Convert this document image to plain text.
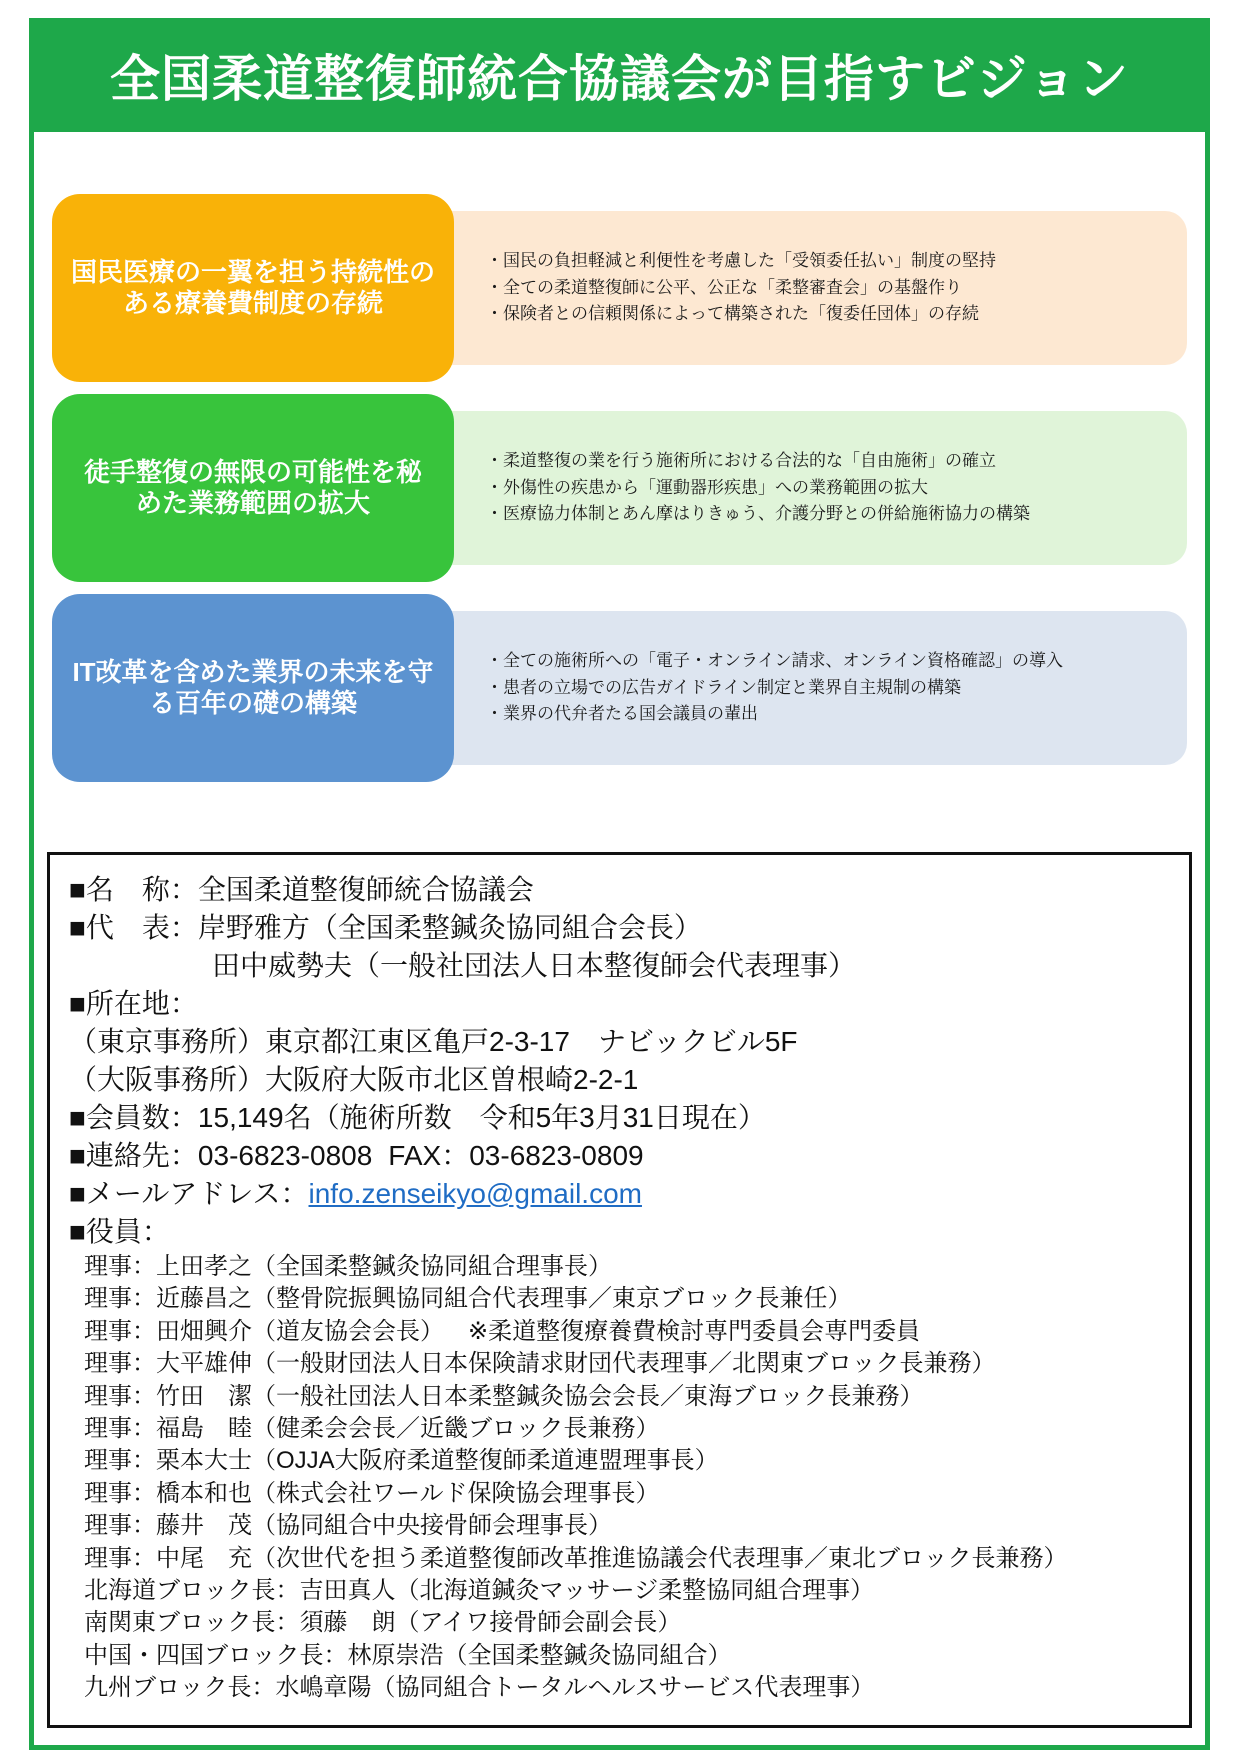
全国柔道整復師統合協議会が目指すビジョン
国民医療の一翼を担う持続性の
ある療養費制度の存続
・国民の負担軽減と利便性を考慮した「受領委任払い」制度の堅持
・全ての柔道整復師に公平、公正な「柔整審査会」の基盤作り
・保険者との信頼関係によって構築された「復委任団体」の存続
徒手整復の無限の可能性を秘
めた業務範囲の拡大
・柔道整復の業を行う施術所における合法的な「自由施術」の確立
・外傷性の疾患から「運動器形疾患」への業務範囲の拡大
・医療協力体制とあん摩はりきゅう、介護分野との併給施術協力の構築
IT改革を含めた業界の未来を守
る百年の礎の構築
・全ての施術所への「電子・オンライン請求、オンライン資格確認」の導入
・患者の立場での広告ガイドライン制定と業界自主規制の構築
・業界の代弁者たる国会議員の輩出
■名　称：全国柔道整復師統合協議会
■代　表：岸野雅方（全国柔整鍼灸協同組合会長）
田中威勢夫（一般社団法人日本整復師会代表理事）
■所在地：
（東京事務所）東京都江東区亀戸2-3-17　ナビックビル5F
（大阪事務所）大阪府大阪市北区曽根崎2-2-1
■会員数：15,149名（施術所数　令和5年3月31日現在）
■連絡先：03-6823-0808 FAX：03-6823-0809
■メールアドレス：info.zenseikyo@gmail.com
■役員：
理事：上田孝之（全国柔整鍼灸協同組合理事長）
理事：近藤昌之（整骨院振興協同組合代表理事／東京ブロック長兼任）
理事：田畑興介（道友協会会長） ※柔道整復療養費検討専門委員会専門委員
理事：大平雄伸（一般財団法人日本保険請求財団代表理事／北関東ブロック長兼務）
理事：竹田　潔（一般社団法人日本柔整鍼灸協会会長／東海ブロック長兼務）
理事：福島　睦（健柔会会長／近畿ブロック長兼務）
理事：栗本大士（OJJA大阪府柔道整復師柔道連盟理事長）
理事：橋本和也（株式会社ワールド保険協会理事長）
理事：藤井　茂（協同組合中央接骨師会理事長）
理事：中尾　充（次世代を担う柔道整復師改革推進協議会代表理事／東北ブロック長兼務）
北海道ブロック長：吉田真人（北海道鍼灸マッサージ柔整協同組合理事）
南関東ブロック長：須藤　朗（アイワ接骨師会副会長）
中国・四国ブロック長：林原崇浩（全国柔整鍼灸協同組合）
九州ブロック長：水嶋章陽（協同組合トータルヘルスサービス代表理事）
